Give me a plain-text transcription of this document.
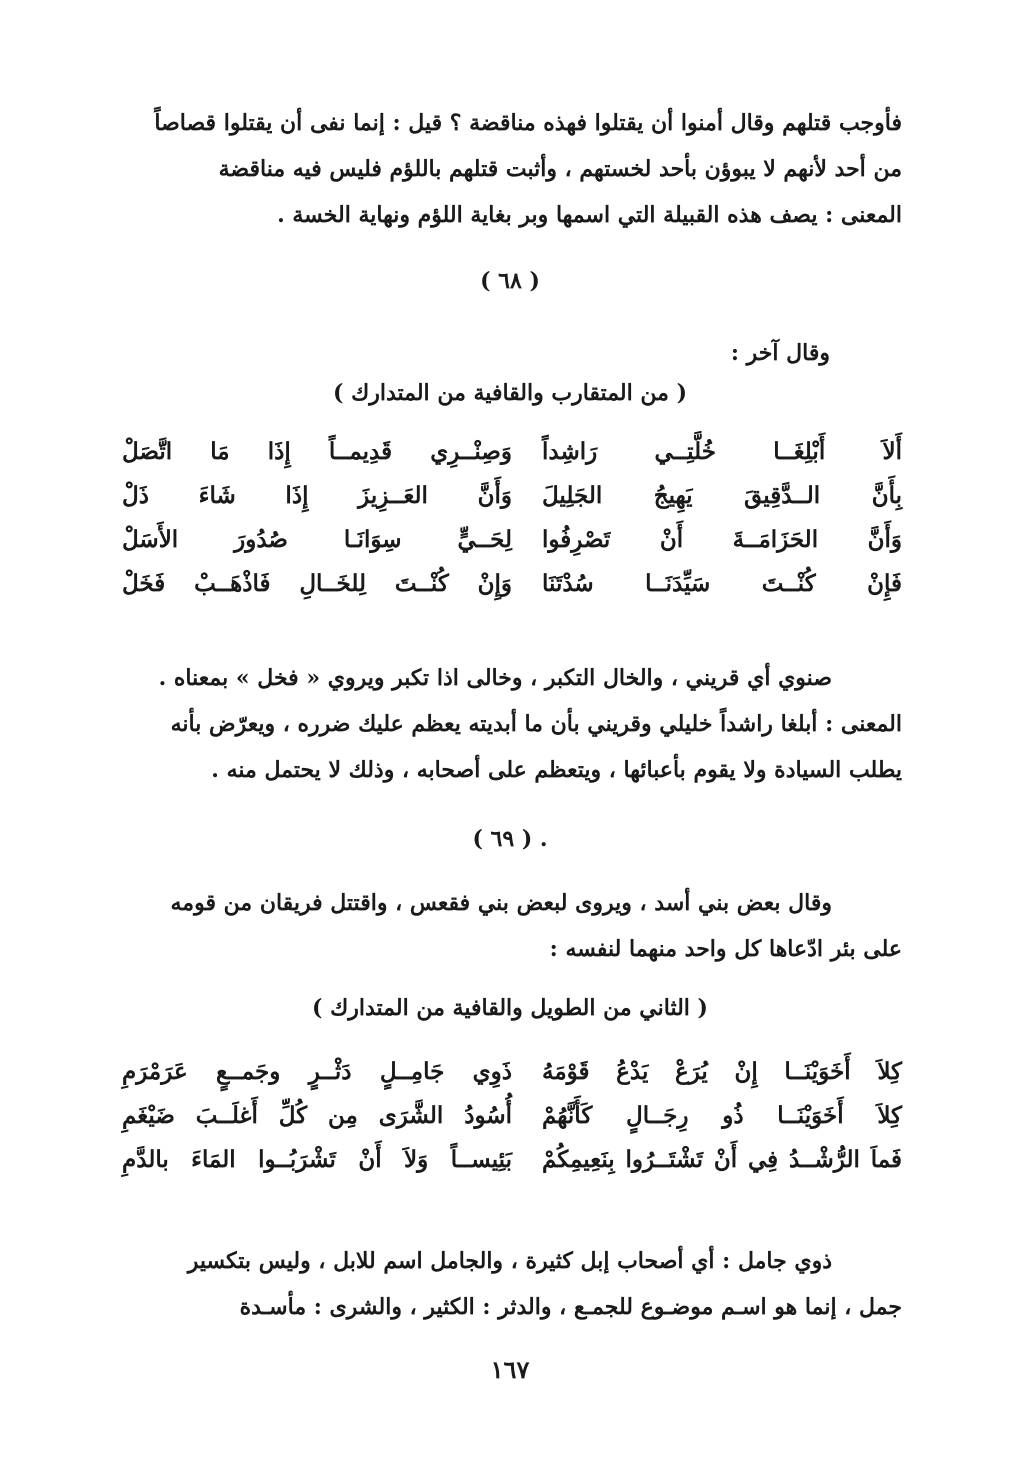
فأوجب قتلهم وقال أمنوا أن يقتلوا فهذه مناقضة ؟ قيل : إنما نفى أن يقتلوا قصاصاً

من أحد لأنهم لا يبوؤن بأحد لخستهم ، وأثبت قتلهم باللؤم فليس فيه مناقضة

المعنى : يصف هذه القبيلة التي اسمها وبر بغاية اللؤم ونهاية الخسة .

( ٦٨ )
وقال آخر :
( من المتقارب والقافية من المتدارك )
أَلاَ أَبْلِغَــا خُلَّتِــي رَاشِداً
وَصِنْــرِي قَدِيمــاً إِذَا مَا اتَّصَلْ
بِأَنَّ الــدَّقِيقَ يَهِيجُ الجَلِيلَ
وَأَنَّ العَــزِيزَ إِذَا شَاءَ ذَلْ
وَأَنَّ الحَزَامَــةَ أَنْ تَصْرِفُوا
لِحَــيٍّ سِوَانَـا صُدُورَ الأَسَلْ
فَإِنْ كُنْــتَ سَيِّدَنَــا سُدْتَنَا
وَإِنْ كُنْــتَ لِلخَــالِ فَاذْهَــبْ فَخَلْ

صنوي أي قريني ، والخال التكبر ، وخالى اذا تكبر ويروي « فخل » بمعناه .

المعنى : أبلغا راشداً خليلي وقريني بأن ما أبديته يعظم عليك ضرره ، ويعرّض بأنه

يطلب السيادة ولا يقوم بأعبائها ، ويتعظم على أصحابه ، وذلك لا يحتمل منه .

. ( ٦٩ )

وقال بعض بني أسد ، ويروى لبعض بني فقعس ، واقتتل فريقان من قومه

على بئر ادّعاها كل واحد منهما لنفسه :

( الثاني من الطويل والقافية من المتدارك )
كِلاَ أَخَوَيْنَــا إِنْ يُرَعْ يَدْعُ قَوْمَهُ
ذَوِي جَامِــلٍ دَثْــرٍ وجَمــعٍ عَرَمْرَمِ
كِلاَ أَخَوَيْنَــا ذُو رِجَــالٍ كَأَنَّهُمْ
أُسُودُ الشَّرَى مِن كُلِّ أَغلَــبَ ضَيْغَمِ
فَماَ الرُّشْــدُ فِي أَنْ تَشْتَــرُوا بِنَعِيمِكُمْ
بَئِيســاً وَلاَ أَنْ تَشْرَبُــوا المَاءَ بالدَّمِ

ذوي جامل : أي أصحاب إبل كثيرة ، والجامل اسم للابل ، وليس بتكسير

جمل ، إنما هو اسـم موضـوع للجمـع ، والدثر : الكثير ، والشرى : مأسـدة

١٦٧
